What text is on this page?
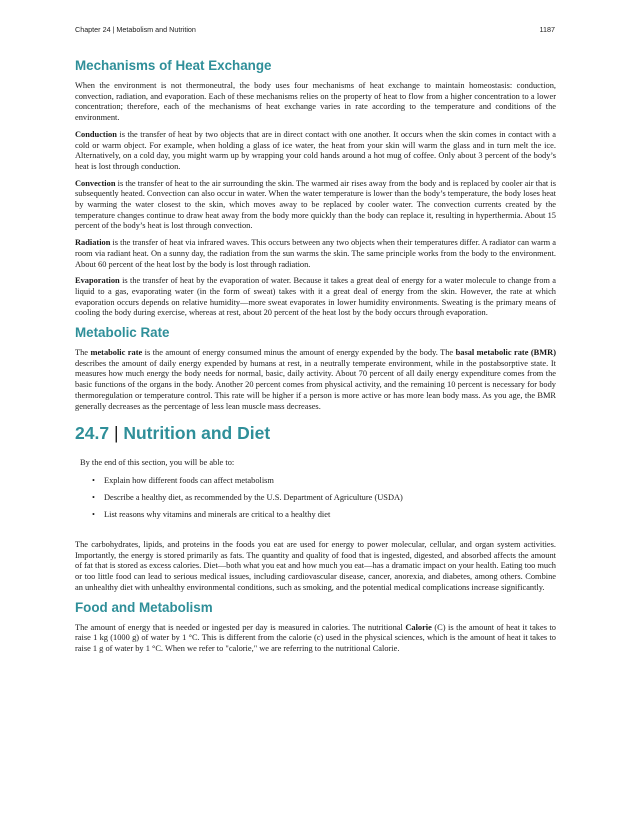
Chapter 24 | Metabolism and Nutrition	1187
Mechanisms of Heat Exchange

When the environment is not thermoneutral, the body uses four mechanisms of heat exchange to maintain homeostasis: conduction, convection, radiation, and evaporation. Each of these mechanisms relies on the property of heat to flow from a higher concentration to a lower concentration; therefore, each of the mechanisms of heat exchange varies in rate according to the temperature and conditions of the environment.

Conduction is the transfer of heat by two objects that are in direct contact with one another. It occurs when the skin comes in contact with a cold or warm object. For example, when holding a glass of ice water, the heat from your skin will warm the glass and in turn melt the ice. Alternatively, on a cold day, you might warm up by wrapping your cold hands around a hot mug of coffee. Only about 3 percent of the body’s heat is lost through conduction.

Convection is the transfer of heat to the air surrounding the skin. The warmed air rises away from the body and is replaced by cooler air that is subsequently heated. Convection can also occur in water. When the water temperature is lower than the body’s temperature, the body loses heat by warming the water closest to the skin, which moves away to be replaced by cooler water. The convection currents created by the temperature changes continue to draw heat away from the body more quickly than the body can replace it, resulting in hyperthermia. About 15 percent of the body’s heat is lost through convection.

Radiation is the transfer of heat via infrared waves. This occurs between any two objects when their temperatures differ. A radiator can warm a room via radiant heat. On a sunny day, the radiation from the sun warms the skin. The same principle works from the body to the environment. About 60 percent of the heat lost by the body is lost through radiation.

Evaporation is the transfer of heat by the evaporation of water. Because it takes a great deal of energy for a water molecule to change from a liquid to a gas, evaporating water (in the form of sweat) takes with it a great deal of energy from the skin. However, the rate at which evaporation occurs depends on relative humidity—more sweat evaporates in lower humidity environments. Sweating is the primary means of cooling the body during exercise, whereas at rest, about 20 percent of the heat lost by the body occurs through evaporation.

Metabolic Rate

The metabolic rate is the amount of energy consumed minus the amount of energy expended by the body. The basal metabolic rate (BMR) describes the amount of daily energy expended by humans at rest, in a neutrally temperate environment, while in the postabsorptive state. It measures how much energy the body needs for normal, basic, daily activity. About 70 percent of all daily energy expenditure comes from the basic functions of the organs in the body. Another 20 percent comes from physical activity, and the remaining 10 percent is necessary for body thermoregulation or temperature control. This rate will be higher if a person is more active or has more lean body mass. As you age, the BMR generally decreases as the percentage of less lean muscle mass decreases.

24.7 | Nutrition and Diet
By the end of this section, you will be able to:
• Explain how different foods can affect metabolism
• Describe a healthy diet, as recommended by the U.S. Department of Agriculture (USDA)
• List reasons why vitamins and minerals are critical to a healthy diet

The carbohydrates, lipids, and proteins in the foods you eat are used for energy to power molecular, cellular, and organ system activities. Importantly, the energy is stored primarily as fats. The quantity and quality of food that is ingested, digested, and absorbed affects the amount of fat that is stored as excess calories. Diet—both what you eat and how much you eat—has a dramatic impact on your health. Eating too much or too little food can lead to serious medical issues, including cardiovascular disease, cancer, anorexia, and diabetes, among others. Combine an unhealthy diet with unhealthy environmental conditions, such as smoking, and the potential medical complications increase significantly.

Food and Metabolism

The amount of energy that is needed or ingested per day is measured in calories. The nutritional Calorie (C) is the amount of heat it takes to raise 1 kg (1000 g) of water by 1 °C. This is different from the calorie (c) used in the physical sciences, which is the amount of heat it takes to raise 1 g of water by 1 °C. When we refer to "calorie," we are referring to the nutritional Calorie.
